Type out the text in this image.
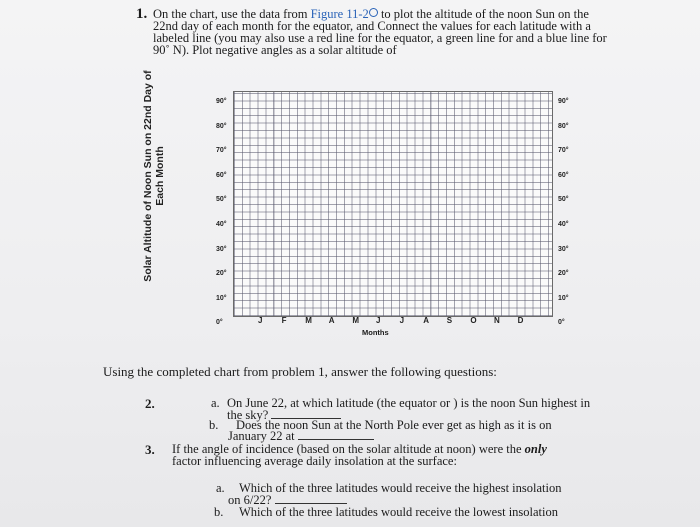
1. On the chart, use the data from Figure 11-2 to plot the altitude of the noon Sun on the 22nd day of each month for the equator, and Connect the values for each latitude with a labeled line (you may also use a red line for the equator, a green line for and a blue line for 90˚ N). Plot negative angles as a solar altitude of
Solar Altitude of Noon Sun on 22nd Day of Each Month
90°
80°
70°
60°
50°
40°
30°
20°
10°
0°
90°
80°
70°
60°
50°
40°
30°
20°
10°
0°
J F M A M J J A S O N D
Months
Using the completed chart from problem 1, answer the following questions:
2.	a. On June 22, at which latitude (the equator or ) is the noon Sun highest in the sky?
b. Does the noon Sun at the North Pole ever get as high as it is on
January 22 at
3. If the angle of incidence (based on the solar altitude at noon) were the only
factor influencing average daily insolation at the surface:
a. Which of the three latitudes would receive the highest insolation
on 6/22?
b. Which of the three latitudes would receive the lowest insolation
